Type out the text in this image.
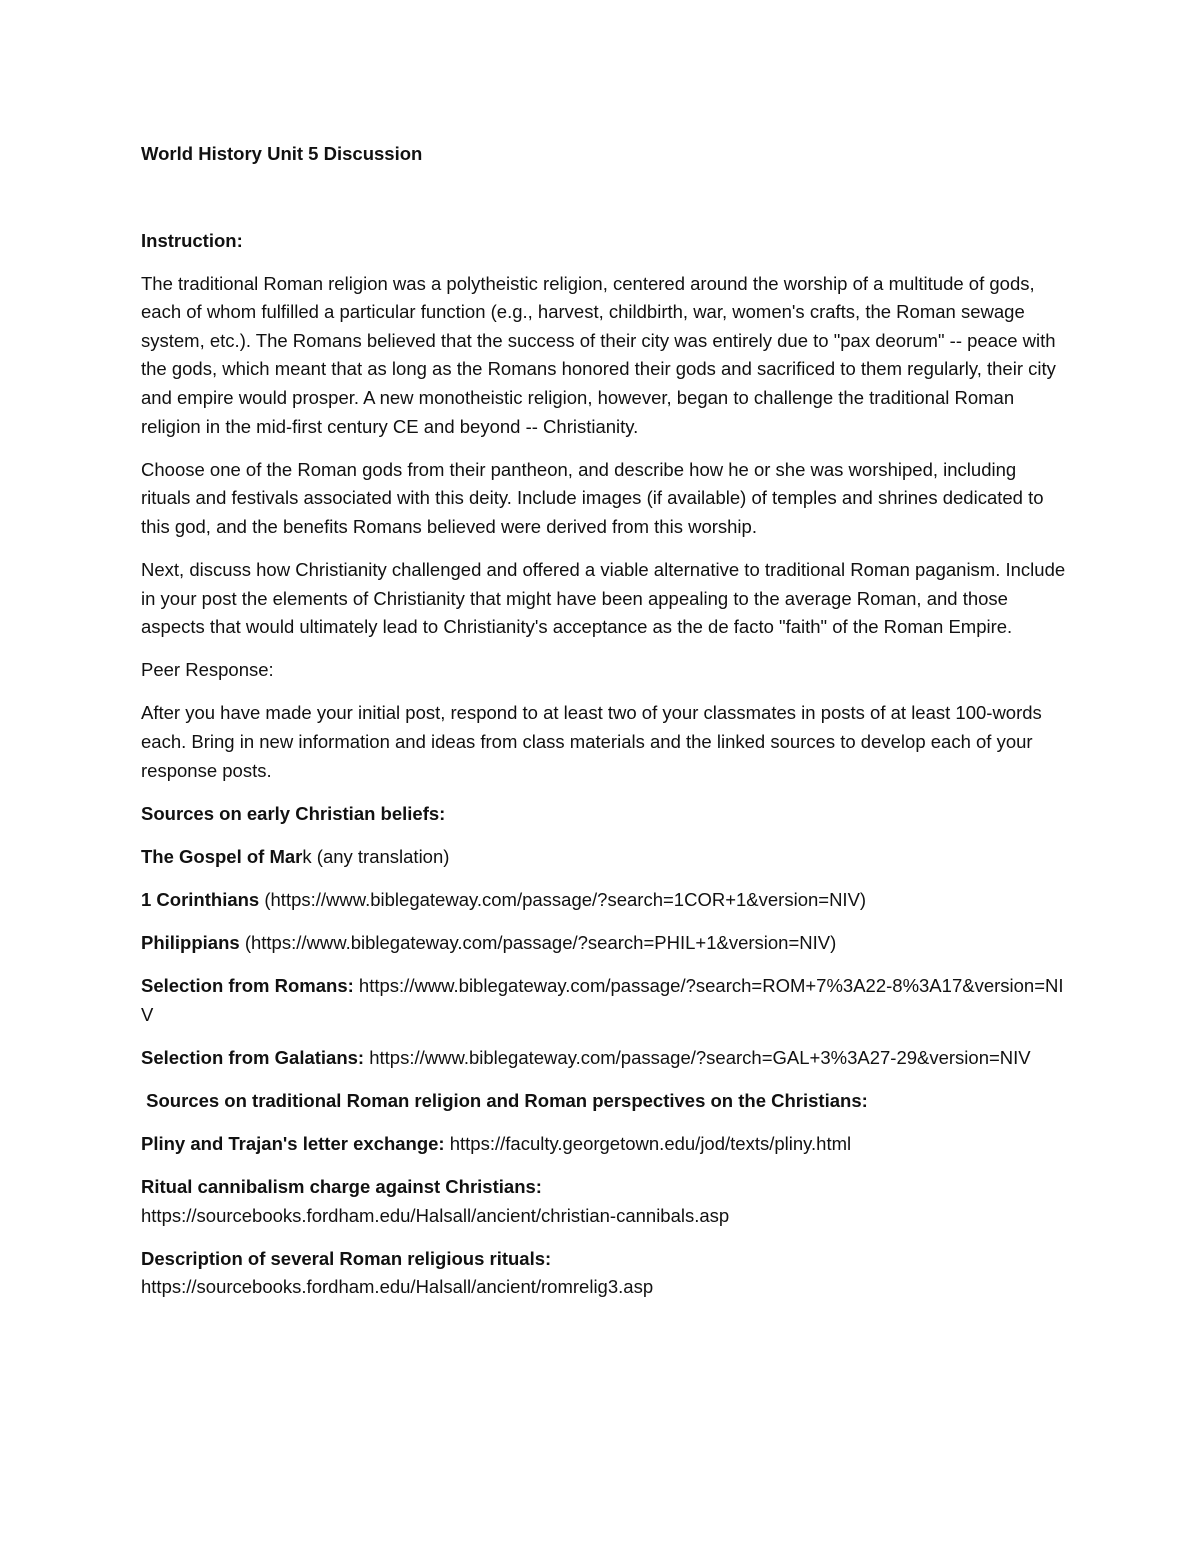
World History Unit 5 Discussion

Instruction:

The traditional Roman religion was a polytheistic religion, centered around the worship of a multitude of gods, each of whom fulfilled a particular function (e.g., harvest, childbirth, war, women's crafts, the Roman sewage system, etc.). The Romans believed that the success of their city was entirely due to "pax deorum" -- peace with the gods, which meant that as long as the Romans honored their gods and sacrificed to them regularly, their city and empire would prosper. A new monotheistic religion, however, began to challenge the traditional Roman religion in the mid-first century CE and beyond -- Christianity.

Choose one of the Roman gods from their pantheon, and describe how he or she was worshiped, including rituals and festivals associated with this deity. Include images (if available) of temples and shrines dedicated to this god, and the benefits Romans believed were derived from this worship.

Next, discuss how Christianity challenged and offered a viable alternative to traditional Roman paganism. Include in your post the elements of Christianity that might have been appealing to the average Roman, and those aspects that would ultimately lead to Christianity's acceptance as the de facto "faith" of the Roman Empire.

Peer Response:

After you have made your initial post, respond to at least two of your classmates in posts of at least 100-words each. Bring in new information and ideas from class materials and the linked sources to develop each of your response posts.

Sources on early Christian beliefs:

The Gospel of Mark (any translation)

1 Corinthians (https://www.biblegateway.com/passage/?search=1COR+1&version=NIV)

Philippians (https://www.biblegateway.com/passage/?search=PHIL+1&version=NIV)

Selection from Romans: https://www.biblegateway.com/passage/?search=ROM+7%3A22-8%3A17&version=NIV

Selection from Galatians: https://www.biblegateway.com/passage/?search=GAL+3%3A27-29&version=NIV

Sources on traditional Roman religion and Roman perspectives on the Christians:

Pliny and Trajan's letter exchange: https://faculty.georgetown.edu/jod/texts/pliny.html

Ritual cannibalism charge against Christians:
https://sourcebooks.fordham.edu/Halsall/ancient/christian-cannibals.asp

Description of several Roman religious rituals:
https://sourcebooks.fordham.edu/Halsall/ancient/romrelig3.asp
